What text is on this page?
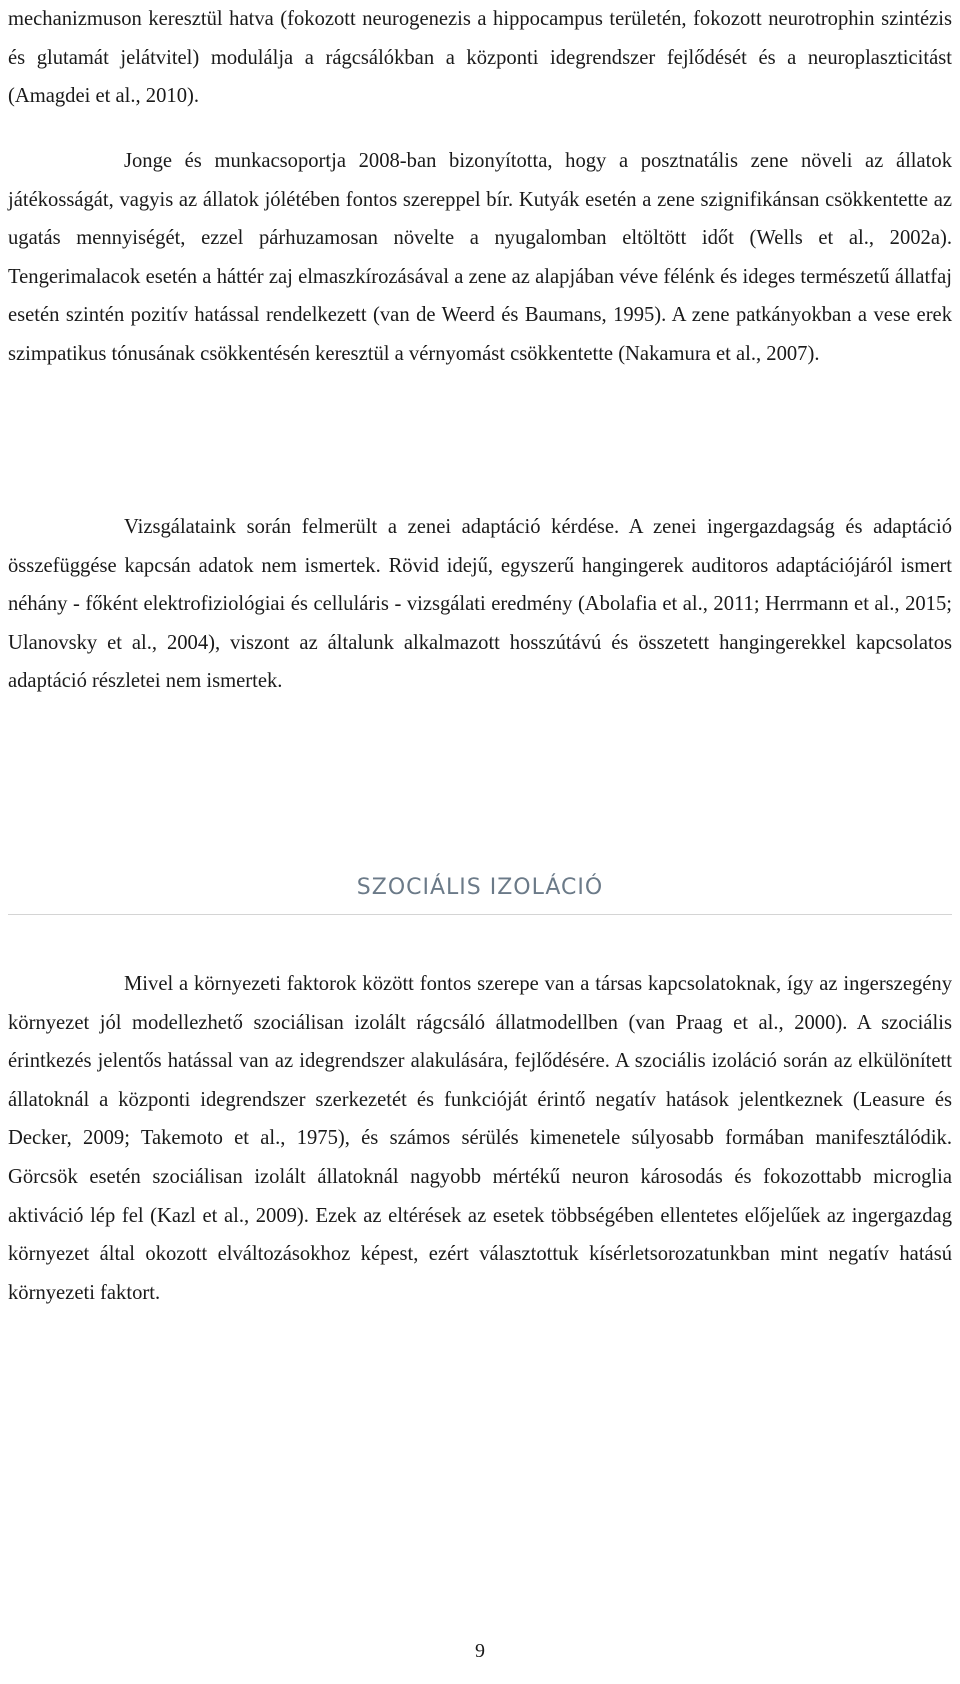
mechanizmuson keresztül hatva (fokozott neurogenezis a hippocampus területén, fokozott neurotrophin szintézis és glutamát jelátvitel) modulálja a rágcsálókban a központi idegrendszer fejlődését és a neuroplaszticitást (Amagdei et al., 2010).

Jonge és munkacsoportja 2008-ban bizonyította, hogy a posztnatális zene növeli az állatok játékosságát, vagyis az állatok jólétében fontos szereppel bír. Kutyák esetén a zene szignifikánsan csökkentette az ugatás mennyiségét, ezzel párhuzamosan növelte a nyugalomban eltöltött időt (Wells et al., 2002a). Tengerimalacok esetén a háttér zaj elmaszkírozásával a zene az alapjában véve félénk és ideges természetű állatfaj esetén szintén pozitív hatással rendelkezett (van de Weerd és Baumans, 1995). A zene patkányokban a vese erek szimpatikus tónusának csökkentésén keresztül a vérnyomást csökkentette (Nakamura et al., 2007).

Vizsgálataink során felmerült a zenei adaptáció kérdése. A zenei ingergazdagság és adaptáció összefüggése kapcsán adatok nem ismertek. Rövid idejű, egyszerű hangingerek auditoros adaptációjáról ismert néhány - főként elektrofiziológiai és celluláris - vizsgálati eredmény (Abolafia et al., 2011; Herrmann et al., 2015; Ulanovsky et al., 2004), viszont az általunk alkalmazott hosszútávú és összetett hangingerekkel kapcsolatos adaptáció részletei nem ismertek.

SZOCIÁLIS IZOLÁCIÓ

Mivel a környezeti faktorok között fontos szerepe van a társas kapcsolatoknak, így az ingerszegény környezet jól modellezhető szociálisan izolált rágcsáló állatmodellben (van Praag et al., 2000). A szociális érintkezés jelentős hatással van az idegrendszer alakulására, fejlődésére. A szociális izoláció során az elkülönített állatoknál a központi idegrendszer szerkezetét és funkcióját érintő negatív hatások jelentkeznek (Leasure és Decker, 2009; Takemoto et al., 1975), és számos sérülés kimenetele súlyosabb formában manifesztálódik. Görcsök esetén szociálisan izolált állatoknál nagyobb mértékű neuron károsodás és fokozottabb microglia aktiváció lép fel (Kazl et al., 2009). Ezek az eltérések az esetek többségében ellentetes előjelűek az ingergazdag környezet által okozott elváltozásokhoz képest, ezért választottuk kísérletsorozatunkban mint negatív hatású környezeti faktort.

9
